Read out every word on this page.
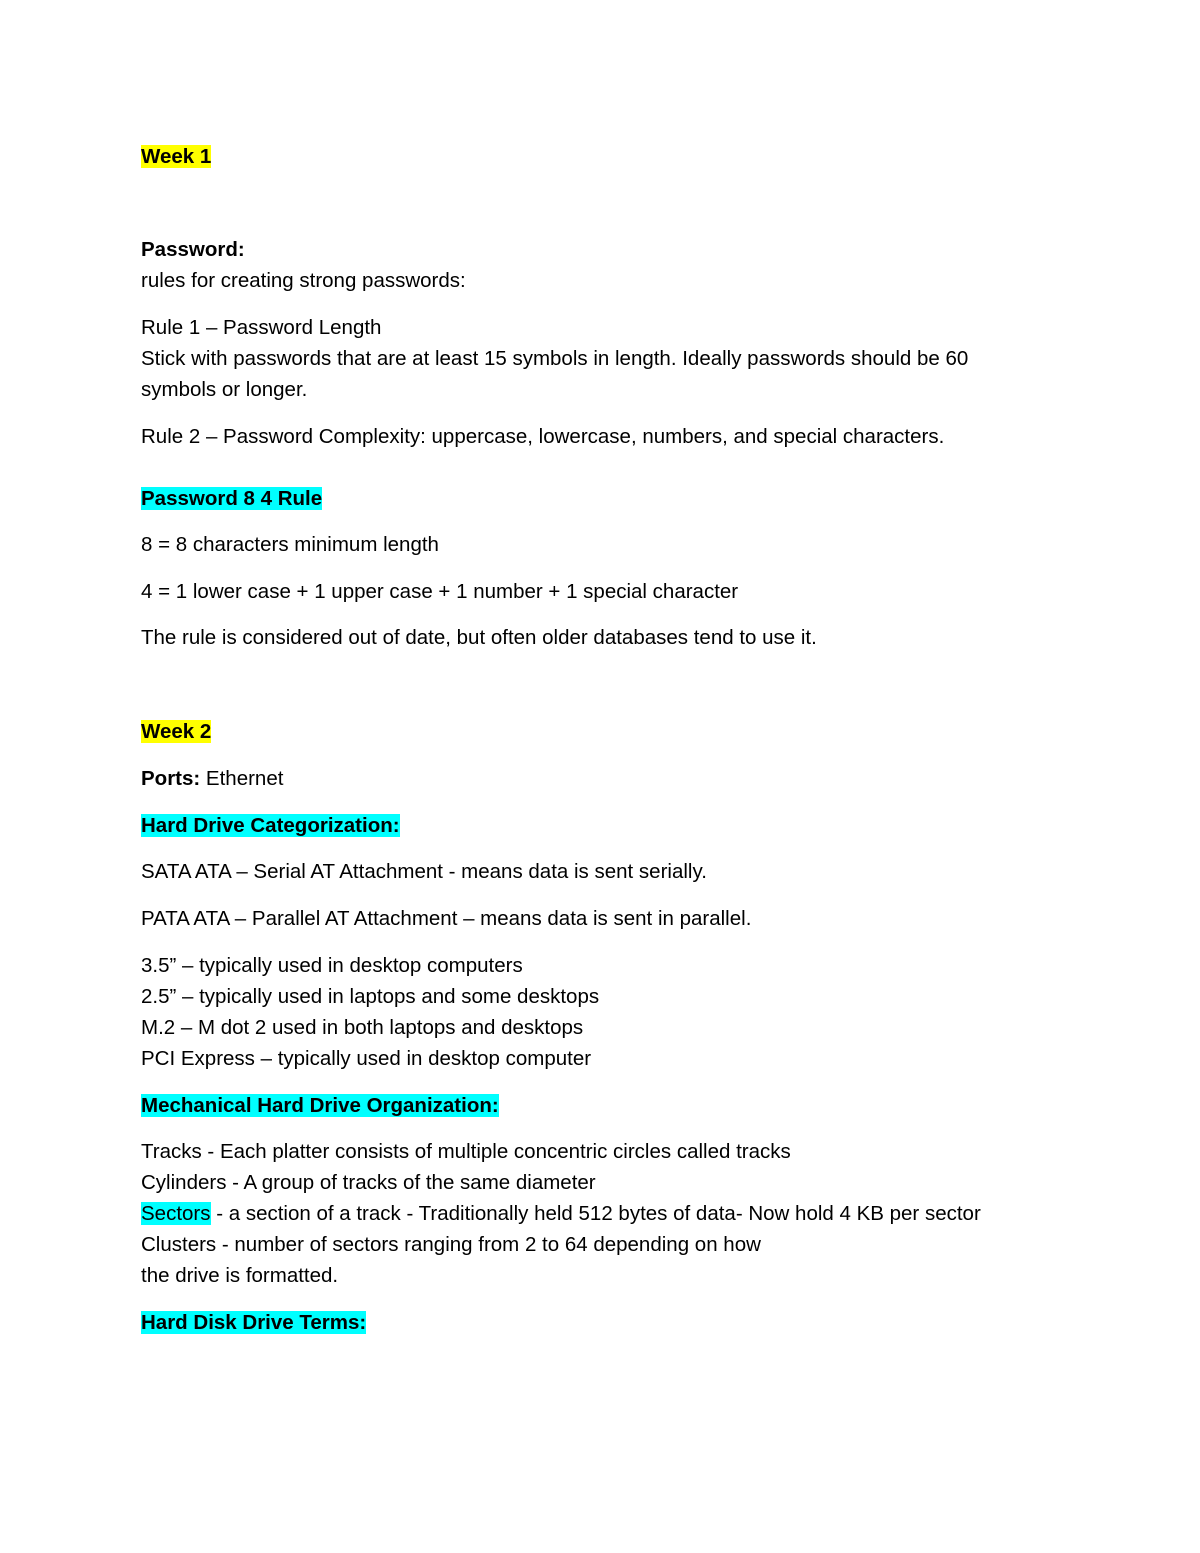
Week 1
Password:
rules for creating strong passwords:
Rule 1 – Password Length
Stick with passwords that are at least 15 symbols in length. Ideally passwords should be 60
symbols or longer.
Rule 2 – Password Complexity: uppercase, lowercase, numbers, and special characters.
Password 8 4 Rule
8 = 8 characters minimum length
4 = 1 lower case + 1 upper case + 1 number + 1 special character
The rule is considered out of date, but often older databases tend to use it.
Week 2
Ports: Ethernet
Hard Drive Categorization:
SATA ATA – Serial AT Attachment - means data is sent serially.
PATA ATA – Parallel AT Attachment – means data is sent in parallel.
3.5” – typically used in desktop computers
2.5” – typically used in laptops and some desktops
M.2 – M dot 2 used in both laptops and desktops
PCI Express – typically used in desktop computer
Mechanical Hard Drive Organization:
Tracks - Each platter consists of multiple concentric circles called tracks
Cylinders - A group of tracks of the same diameter
Sectors - a section of a track - Traditionally held 512 bytes of data- Now hold 4 KB per sector
Clusters - number of sectors ranging from 2 to 64 depending on how
the drive is formatted.
Hard Disk Drive Terms:
